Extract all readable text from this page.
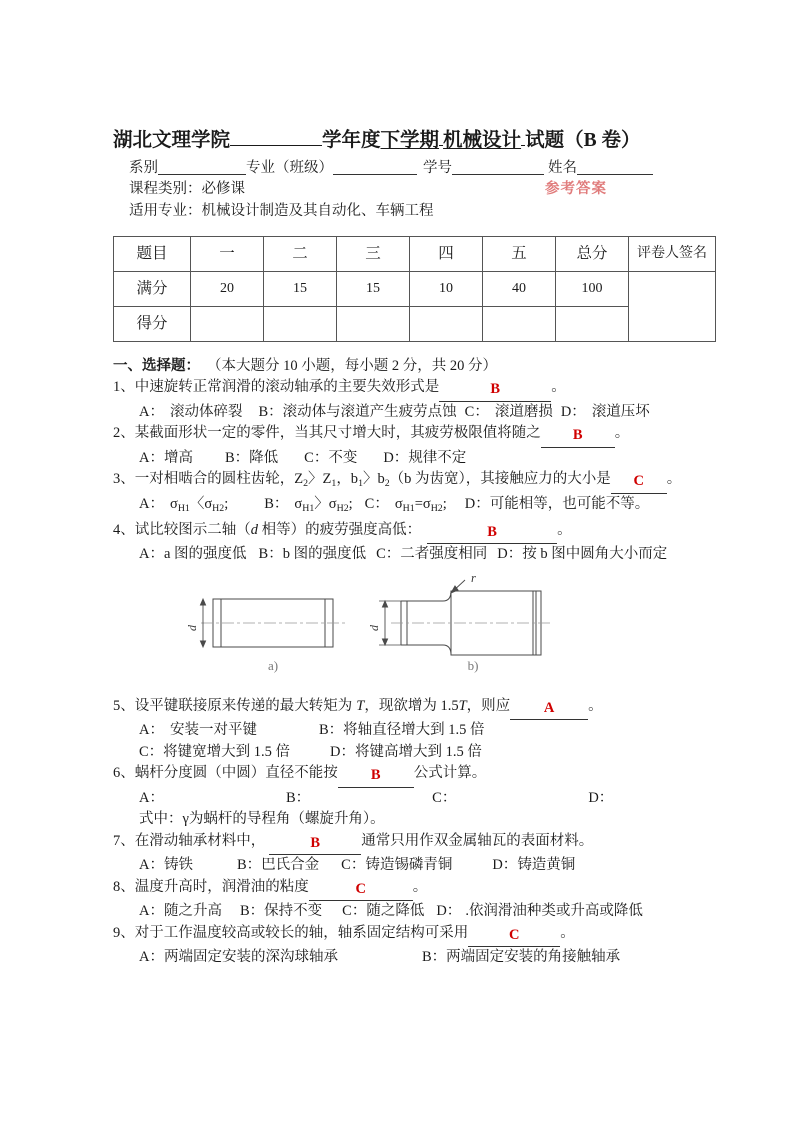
湖北文理学院	学年度下学期 机械设计 试题（B 卷）
系别	专业（班级）	学号	姓名
课程类别：必修课	参考答案
适用专业：机械设计制造及其自动化、车辆工程
题目	一	二	三	四	五	总分	评卷人签名
满分	20	15	15	10	40	100	
得分							
一、选择题： （本大题分 10 小题，每小题 2 分，共 20 分）
1、中速旋转正常润滑的滚动轴承的主要失效形式是	B	。
A： 滚动体碎裂 B：滚动体与滚道产生疲劳点蚀 C： 滚道磨损 D： 滚道压坏
2、某截面形状一定的零件，当其尺寸增大时，其疲劳极限值将随之 B 。
A：增高 B：降低 C：不变 D：规律不定
3、一对相啮合的圆柱齿轮，$Z_2$〉$Z_1$，$b_1$〉$b_2(b$ 为齿宽），其接触应力的大小是 C 。
A： $\sigma_{H1}$〈$\sigma_{H2}$; B： $\sigma_{H1}$〉$\sigma_{H2}$; C： $\sigma_{H1}=\sigma_{H2}$; D：可能相等，也可能不等。
4、试比较图示二轴（d 相等）的疲劳强度高低：	B	。
A：a 图的强度低 B：b 图的强度低 C：二者强度相同 D：按 b 图中圆角大小而定
d
a)
d
r
b)
5、设平键联接原来传递的最大转矩为 T，现欲增为 1.5T，则应 A 。
A： 安装一对平键	B：将轴直径增大到 1.5 倍
C：将键宽增大到 1.5 倍	D：将键高增大到 1.5 倍
6、蜗杆分度圆（中圆）直径不能按 B 公式计算。
A：	B：	C：	D：
式中：γ为蜗杆的导程角（螺旋升角）。
7、在滑动轴承材料中，	B	通常只用作双金属轴瓦的表面材料。
A：铸铁	B：巴氏合金 C：铸造锡磷青铜	D：铸造黄铜
8、温度升高时，润滑油的粘度	C	。
A：随之升高 B：保持不变 C：随之降低 D： .依润滑油种类或升高或降低
9、对于工作温度较高或较长的轴，轴系固定结构可采用	C	。
A：两端固定安装的深沟球轴承	B：两端固定安装的角接触轴承
